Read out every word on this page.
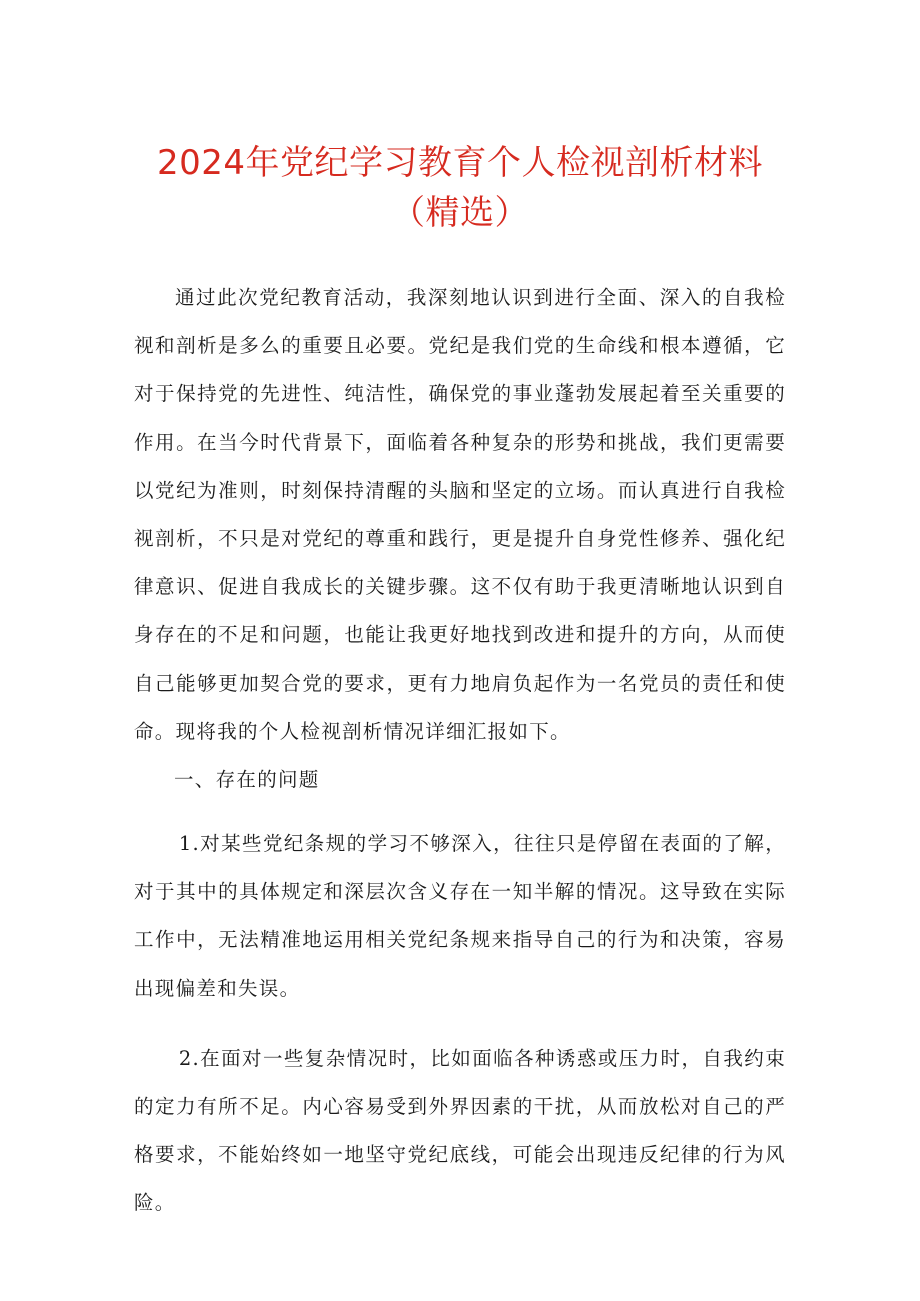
2024年党纪学习教育个人检视剖析材料
（精选）

通过此次党纪教育活动，我深刻地认识到进行全面、深入的自我检视和剖析是多么的重要且必要。党纪是我们党的生命线和根本遵循，它对于保持党的先进性、纯洁性，确保党的事业蓬勃发展起着至关重要的作用。在当今时代背景下，面临着各种复杂的形势和挑战，我们更需要以党纪为准则，时刻保持清醒的头脑和坚定的立场。而认真进行自我检视剖析，不只是对党纪的尊重和践行，更是提升自身党性修养、强化纪律意识、促进自我成长的关键步骤。这不仅有助于我更清晰地认识到自身存在的不足和问题，也能让我更好地找到改进和提升的方向，从而使自己能够更加契合党的要求，更有力地肩负起作为一名党员的责任和使命。现将我的个人检视剖析情况详细汇报如下。

一、存在的问题

1.对某些党纪条规的学习不够深入，往往只是停留在表面的了解，对于其中的具体规定和深层次含义存在一知半解的情况。这导致在实际工作中，无法精准地运用相关党纪条规来指导自己的行为和决策，容易出现偏差和失误。

2.在面对一些复杂情况时，比如面临各种诱惑或压力时，自我约束的定力有所不足。内心容易受到外界因素的干扰，从而放松对自己的严格要求，不能始终如一地坚守党纪底线，可能会出现违反纪律的行为风险。
